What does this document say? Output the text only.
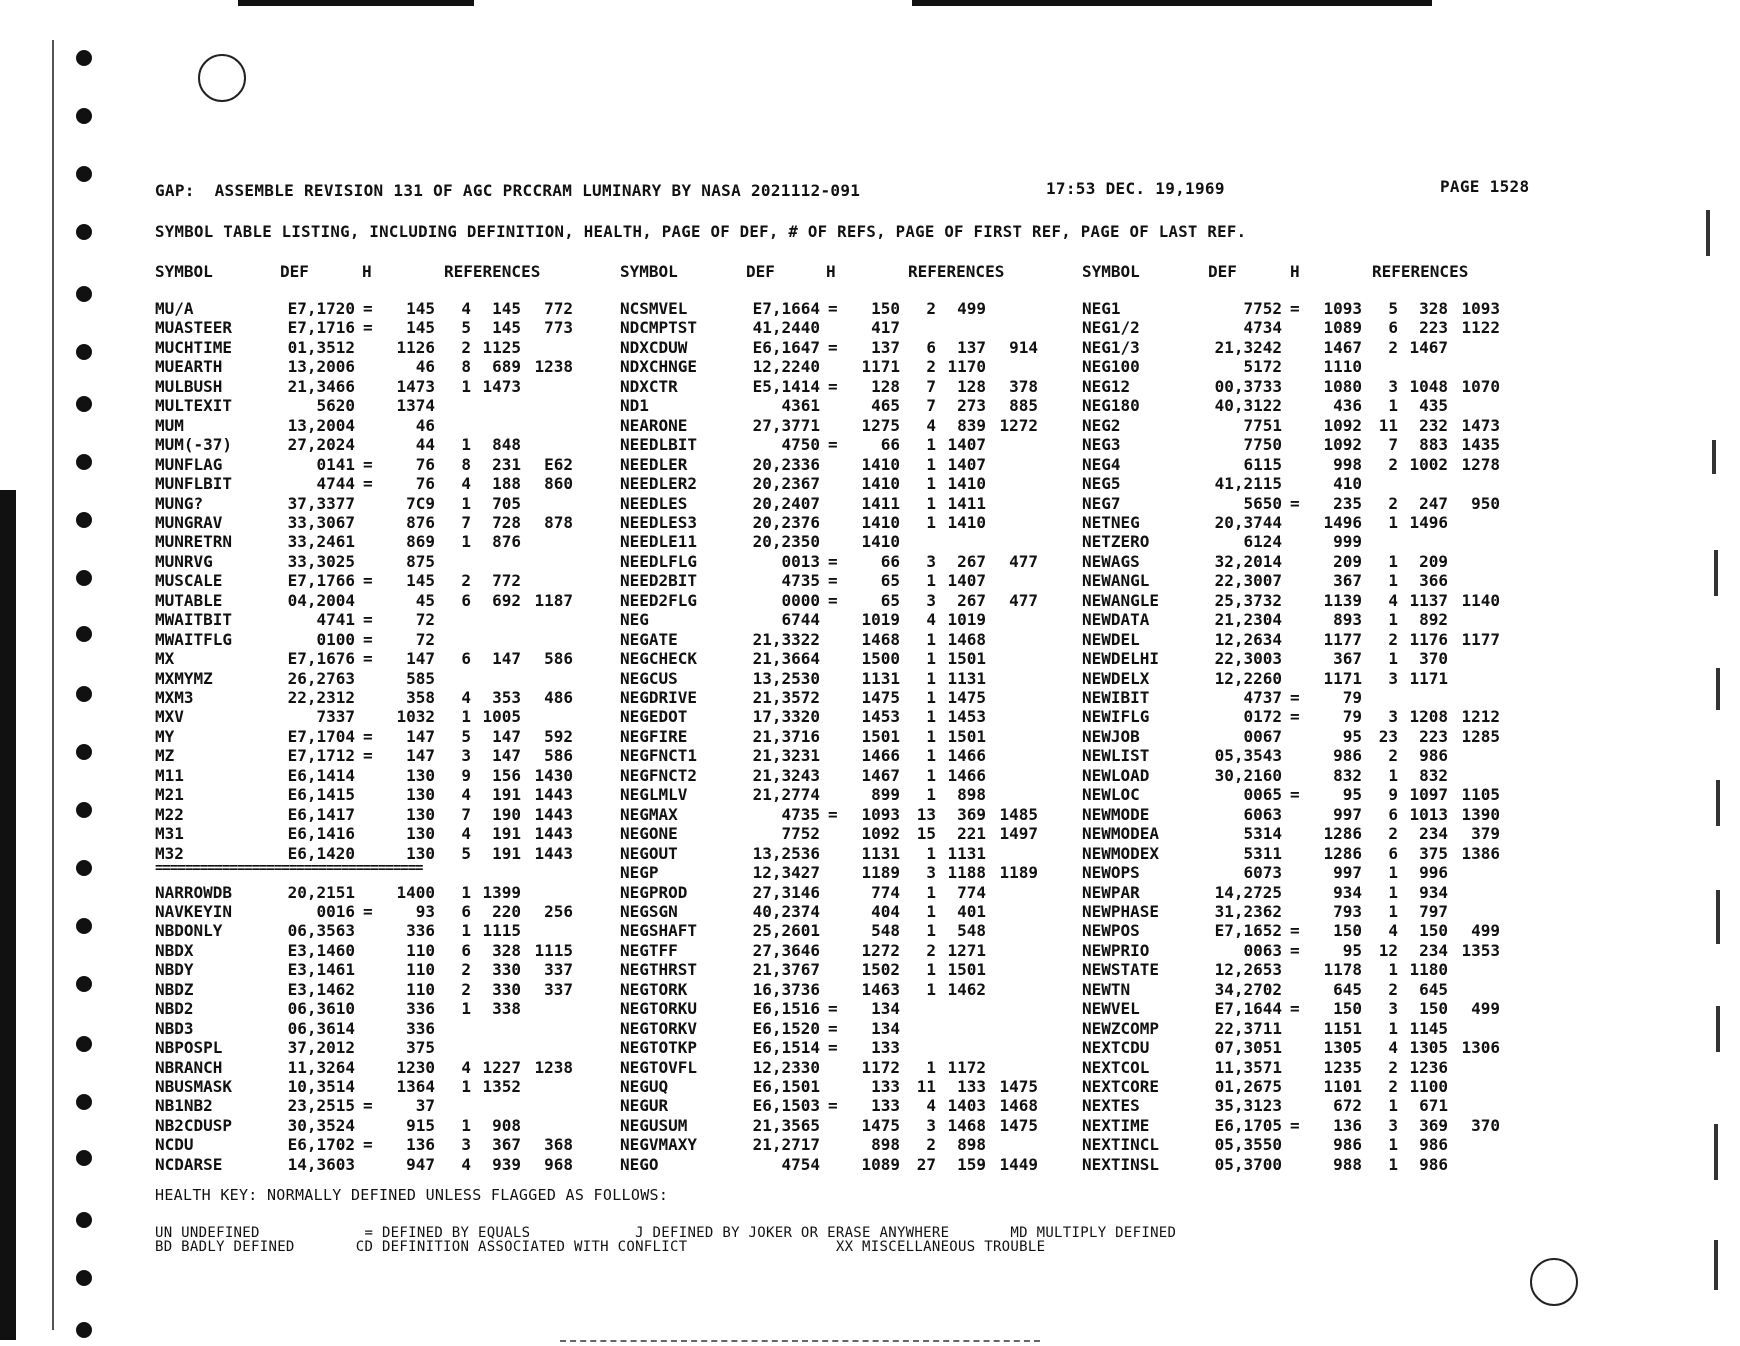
GAP:  ASSEMBLE REVISION 131 OF AGC PRCCRAM LUMINARY BY NASA 2021112-091	17:53 DEC. 19,1969	PAGE 1528
SYMBOL TABLE LISTING, INCLUDING DEFINITION, HEALTH, PAGE OF DEF, # OF REFS, PAGE OF FIRST REF, PAGE OF LAST REF.
SYMBOL	DEF	H	REFERENCES	SYMBOL	DEF	H	REFERENCES	SYMBOL	DEF	H	REFERENCES
MU/A	E7,1720 =	145	4	145	772
MUASTEER	E7,1716 =	145	5	145	773
MUCHTIME	01,3512	1126	2 1125
MUEARTH	13,2006	46	8	689 1238
MULBUSH	21,3466	1473	1 1473
MULTEXIT	5620	1374
MUM	13,2004	46
MUM(-37)	27,2024	44	1	848
MUNFLAG	0141 =	76	8	231	E62
MUNFLBIT	4744 =	76	4	188	860
MUNG?	37,3377	7C9	1	705
MUNGRAV	33,3067	876	7	728	878
MUNRETRN	33,2461	869	1	876
MUNRVG	33,3025	875
MUSCALE	E7,1766 =	145	2	772
MUTABLE	04,2004	45	6	692 1187
MWAITBIT	4741 =	72
MWAITFLG	0100 =	72
MX	E7,1676 =	147	6	147	586
MXMYMZ	26,2763	585
MXM3	22,2312	358	4	353	486
MXV	7337	1032	1 1005
MY	E7,1704 =	147	5	147	592
MZ	E7,1712 =	147	3	147	586
M11	E6,1414	130	9	156 1430
M21	E6,1415	130	4	191 1443
M22	E6,1417	130	7	190 1443
M31	E6,1416	130	4	191 1443
M32	E6,1420	130	5	191 1443
NARROWDB	20,2151	1400	1 1399
NAVKEYIN	0016 =	93	6	220	256
NBDONLY	06,3563	336	1 1115
NBDX	E3,1460	110	6	328 1115
NBDY	E3,1461	110	2	330	337
NBDZ	E3,1462	110	2	330	337
NBD2	06,3610	336	1	338
NBD3	06,3614	336
NBPOSPL	37,2012	375
NBRANCH	11,3264	1230	4 1227 1238
NBUSMASK	10,3514	1364	1 1352
NB1NB2	23,2515 =	37
NB2CDUSP	30,3524	915	1	908
NCDU	E6,1702 =	136	3	367	368
NCDARSE	14,3603	947	4	939	968
NCSMVEL	E7,1664 =	150	2	499
NDCMPTST	41,2440	417
NDXCDUW	E6,1647 =	137	6	137	914
NDXCHNGE	12,2240	1171	2 1170
NDXCTR	E5,1414 =	128	7	128	378
ND1	4361	465	7	273	885
NEARONE	27,3771	1275	4	839 1272
NEEDLBIT	4750 =	66	1 1407
NEEDLER	20,2336	1410	1 1407
NEEDLER2	20,2367	1410	1 1410
NEEDLES	20,2407	1411	1 1411
NEEDLES3	20,2376	1410	1 1410
NEEDLE11	20,2350	1410
NEEDLFLG	0013 =	66	3	267	477
NEED2BIT	4735 =	65	1 1407
NEED2FLG	0000 =	65	3	267	477
NEG	6744	1019	4 1019
NEGATE	21,3322	1468	1 1468
NEGCHECK	21,3664	1500	1 1501
NEGCUS	13,2530	1131	1 1131
NEGDRIVE	21,3572	1475	1 1475
NEGEDOT	17,3320	1453	1 1453
NEGFIRE	21,3716	1501	1 1501
NEGFNCT1	21,3231	1466	1 1466
NEGFNCT2	21,3243	1467	1 1466
NEGLMLV	21,2774	899	1	898
NEGMAX	4735 =	1093	13	369 1485
NEGONE	7752	1092	15	221 1497
NEGOUT	13,2536	1131	1 1131
NEGP	12,3427	1189	3 1188 1189
NEGPROD	27,3146	774	1	774
NEGSGN	40,2374	404	1	401
NEGSHAFT	25,2601	548	1	548
NEGTFF	27,3646	1272	2 1271
NEGTHRST	21,3767	1502	1 1501
NEGTORK	16,3736	1463	1 1462
NEGTORKU	E6,1516 =	134
NEGTORKV	E6,1520 =	134
NEGTOTKP	E6,1514 =	133
NEGTOVFL	12,2330	1172	1 1172
NEGUQ	E6,1501	133	11	133 1475
NEGUR	E6,1503 =	133	4 1403 1468
NEGUSUM	21,3565	1475	3 1468 1475
NEGVMAXY	21,2717	898	2	898
NEGO	4754	1089	27	159 1449
NEG1	7752 =	1093	5	328 1093
NEG1/2	4734	1089	6	223 1122
NEG1/3	21,3242	1467	2 1467
NEG100	5172	1110
NEG12	00,3733	1080	3 1048 1070
NEG180	40,3122	436	1	435
NEG2	7751	1092	11	232 1473
NEG3	7750	1092	7	883 1435
NEG4	6115	998	2 1002 1278
NEG5	41,2115	410
NEG7	5650 =	235	2	247	950
NETNEG	20,3744	1496	1 1496
NETZERO	6124	999
NEWAGS	32,2014	209	1	209
NEWANGL	22,3007	367	1	366
NEWANGLE	25,3732	1139	4 1137 1140
NEWDATA	21,2304	893	1	892
NEWDEL	12,2634	1177	2 1176 1177
NEWDELHI	22,3003	367	1	370
NEWDELX	12,2260	1171	3 1171
NEWIBIT	4737 =	79
NEWIFLG	0172 =	79	3 1208 1212
NEWJOB	0067	95	23	223 1285
NEWLIST	05,3543	986	2	986
NEWLOAD	30,2160	832	1	832
NEWLOC	0065 =	95	9 1097 1105
NEWMODE	6063	997	6 1013 1390
NEWMODEA	5314	1286	2	234	379
NEWMODEX	5311	1286	6	375 1386
NEWOPS	6073	997	1	996
NEWPAR	14,2725	934	1	934
NEWPHASE	31,2362	793	1	797
NEWPOS	E7,1652 =	150	4	150	499
NEWPRIO	0063 =	95	12	234 1353
NEWSTATE	12,2653	1178	1 1180
NEWTN	34,2702	645	2	645
NEWVEL	E7,1644 =	150	3	150	499
NEWZCOMP	22,3711	1151	1 1145
NEXTCDU	07,3051	1305	4 1305 1306
NEXTCOL	11,3571	1235	2 1236
NEXTCORE	01,2675	1101	2 1100
NEXTES	35,3123	672	1	671
NEXTIME	E6,1705 =	136	3	369	370
NEXTINCL	05,3550	986	1	986
NEXTINSL	05,3700	988	1	986
====================================
HEALTH KEY: NORMALLY DEFINED UNLESS FLAGGED AS FOLLOWS:
UN UNDEFINED            = DEFINED BY EQUALS            J DEFINED BY JOKER OR ERASE ANYWHERE       MD MULTIPLY DEFINED
BD BADLY DEFINED       CD DEFINITION ASSOCIATED WITH CONFLICT                 XX MISCELLANEOUS TROUBLE
